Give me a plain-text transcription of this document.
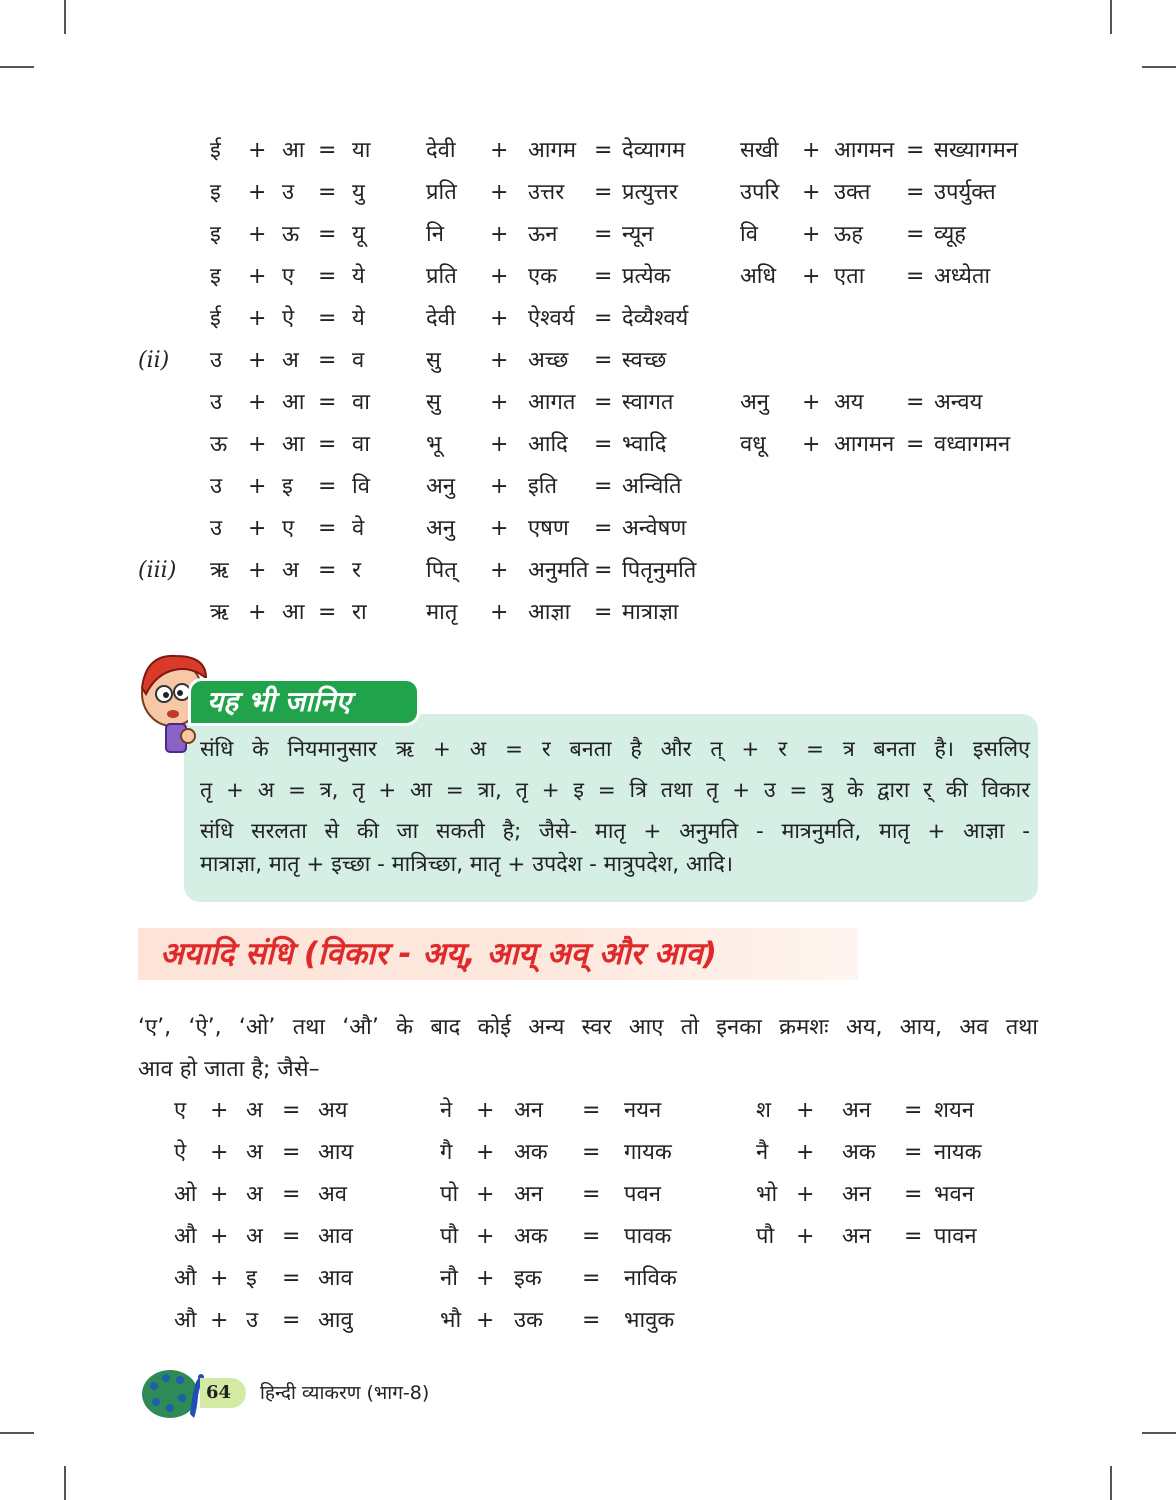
ई + आ = या	देवी + आगम = देव्यागम सखी + आगमन = सख्यागमन
इ + उ = यु	प्रति + उत्तर = प्रत्युत्तर	उपरि + उक्त = उपर्युक्त
इ + ऊ = यू	नि + ऊन = न्यून	वि + ऊह = व्यूह
इ + ए = ये	प्रति + एक = प्रत्येक	अधि + एता = अध्येता
ई + ऐ = ये	देवी + ऐश्वर्य = देव्यैश्वर्य
(ii) उ + अ = व	सु + अच्छ = स्वच्छ
उ + आ = वा	सु + आगत = स्वागत	अनु + अय = अन्वय
ऊ + आ = वा	भू + आदि = भ्वादि	वधू + आगमन = वध्वागमन
उ + इ = वि	अनु + इति = अन्विति
उ + ए = वे	अनु + एषण = अन्वेषण
(iii) ऋ + अ = र	पित् + अनुमति = पितृनुमति
ऋ + आ = रा	मातृ + आज्ञा = मात्राज्ञा
यह भी जानिए
संधि के नियमानुसार ऋ + अ = र बनता है और त् + र = त्र बनता है। इसलिए
तृ + अ = त्र, तृ + आ = त्रा, तृ + इ = त्रि तथा तृ + उ = त्रु के द्वारा र् की विकार
संधि सरलता से की जा सकती है; जैसे- मातृ + अनुमति - मात्रनुमति, मातृ + आज्ञा -
मात्राज्ञा, मातृ + इच्छा - मात्रिच्छा, मातृ + उपदेश - मात्रुपदेश, आदि।
अयादि संधि (विकार - अय्, आय् अव् और आव)
‘ए’, ‘ऐ’, ‘ओ’ तथा ‘औ’ के बाद कोई अन्य स्वर आए तो इनका क्रमशः अय, आय, अव तथा
आव हो जाता है; जैसे–
ए + अ = अय	ने + अन = नयन	श + अन = शयन
ऐ + अ = आय	गै + अक = गायक	नै + अक = नायक
ओ + अ = अव	पो + अन = पवन	भो + अन = भवन
औ + अ = आव	पौ + अक = पावक	पौ + अन = पावन
औ + इ = आव	नौ + इक = नाविक
औ + उ = आवु	भौ + उक = भावुक
64 हिन्दी व्याकरण (भाग-8)
